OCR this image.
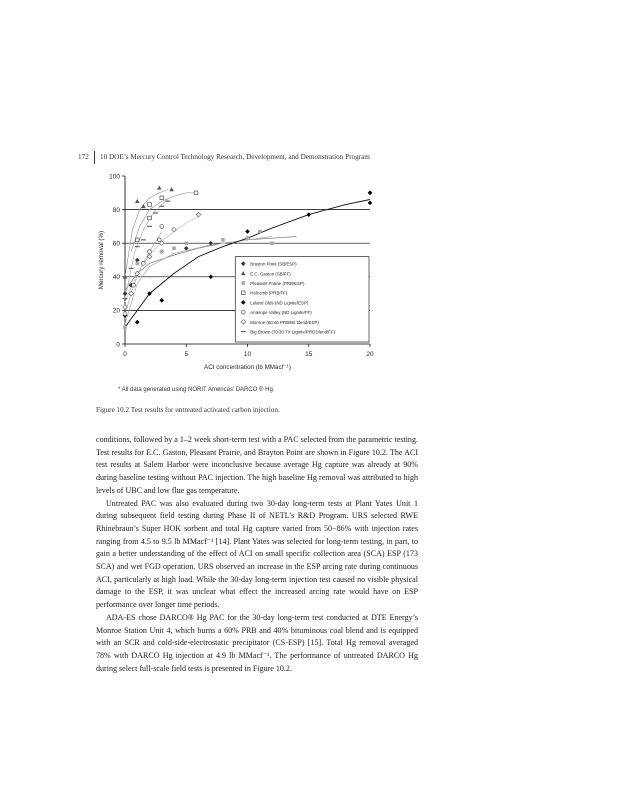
172 10 DOE’s Mercury Control Technology Research, Development, and Demonstration Program
0	5	10	15	20
0
20
40
60
80
100
ACI concentration (lb MMacf⁻¹)
Mercury removal (%)	Brayton Point (SB/ESP)
E.C. Gaston (SB/FF)
Pleasant Prairie (PRB/ESP)
Holcomb (PRB/FF)
Leland Olds (ND Lignite/ESP)
Antelope Valley (ND Lignite/FF)
Monroe (60:40 PRB/Bit blend/ESP)
Big Brown (70:30 TX Lignite/PRB blend/FF)
* All data generated using NORIT Americas’ DARCO ® Hg.
Figure 10.2 Test results for untreated activated carbon injection.

conditions, followed by a 1–2 week short-term test with a PAC selected from the parametric testing. Test results for E.C. Gaston, Pleasant Prairie, and Brayton Point are shown in Figure 10.2. The ACI test results at Salem Harbor were inconclusive because average Hg capture was already at 90% during baseline testing without PAC injection. The high baseline Hg removal was attributed to high levels of UBC and low flue gas temperature.

Untreated PAC was also evaluated during two 30-day long-term tests at Plant Yates Unit 1 during subsequent field testing during Phase II of NETL’s R&D Program. URS selected RWE Rhinebraun’s Super HOK sorbent and total Hg capture varied from 50−86% with injection rates ranging from 4.5 to 9.5 lb MMacf⁻¹ [14]. Plant Yates was selected for long-term testing, in part, to gain a better understanding of the effect of ACI on small specific collection area (SCA) ESP (173 SCA) and wet FGD operation. URS observed an increase in the ESP arcing rate during continuous ACI, particularly at high load. While the 30-day long-term injection test caused no visible physical damage to the ESP, it was unclear what effect the increased arcing rate would have on ESP performance over longer time periods.

ADA-ES chose DARCO® Hg PAC for the 30-day long-term test conducted at DTE Energy’s Monroe Station Unit 4, which burns a 60% PRB and 40% bituminous coal blend and is equipped with an SCR and cold-side-electrostatic precipitator (CS-ESP) [15]. Total Hg removal averaged 78% with DARCO Hg injection at 4.9 lb MMacf⁻¹. The performance of untreated DARCO Hg during select full-scale field tests is presented in Figure 10.2.
